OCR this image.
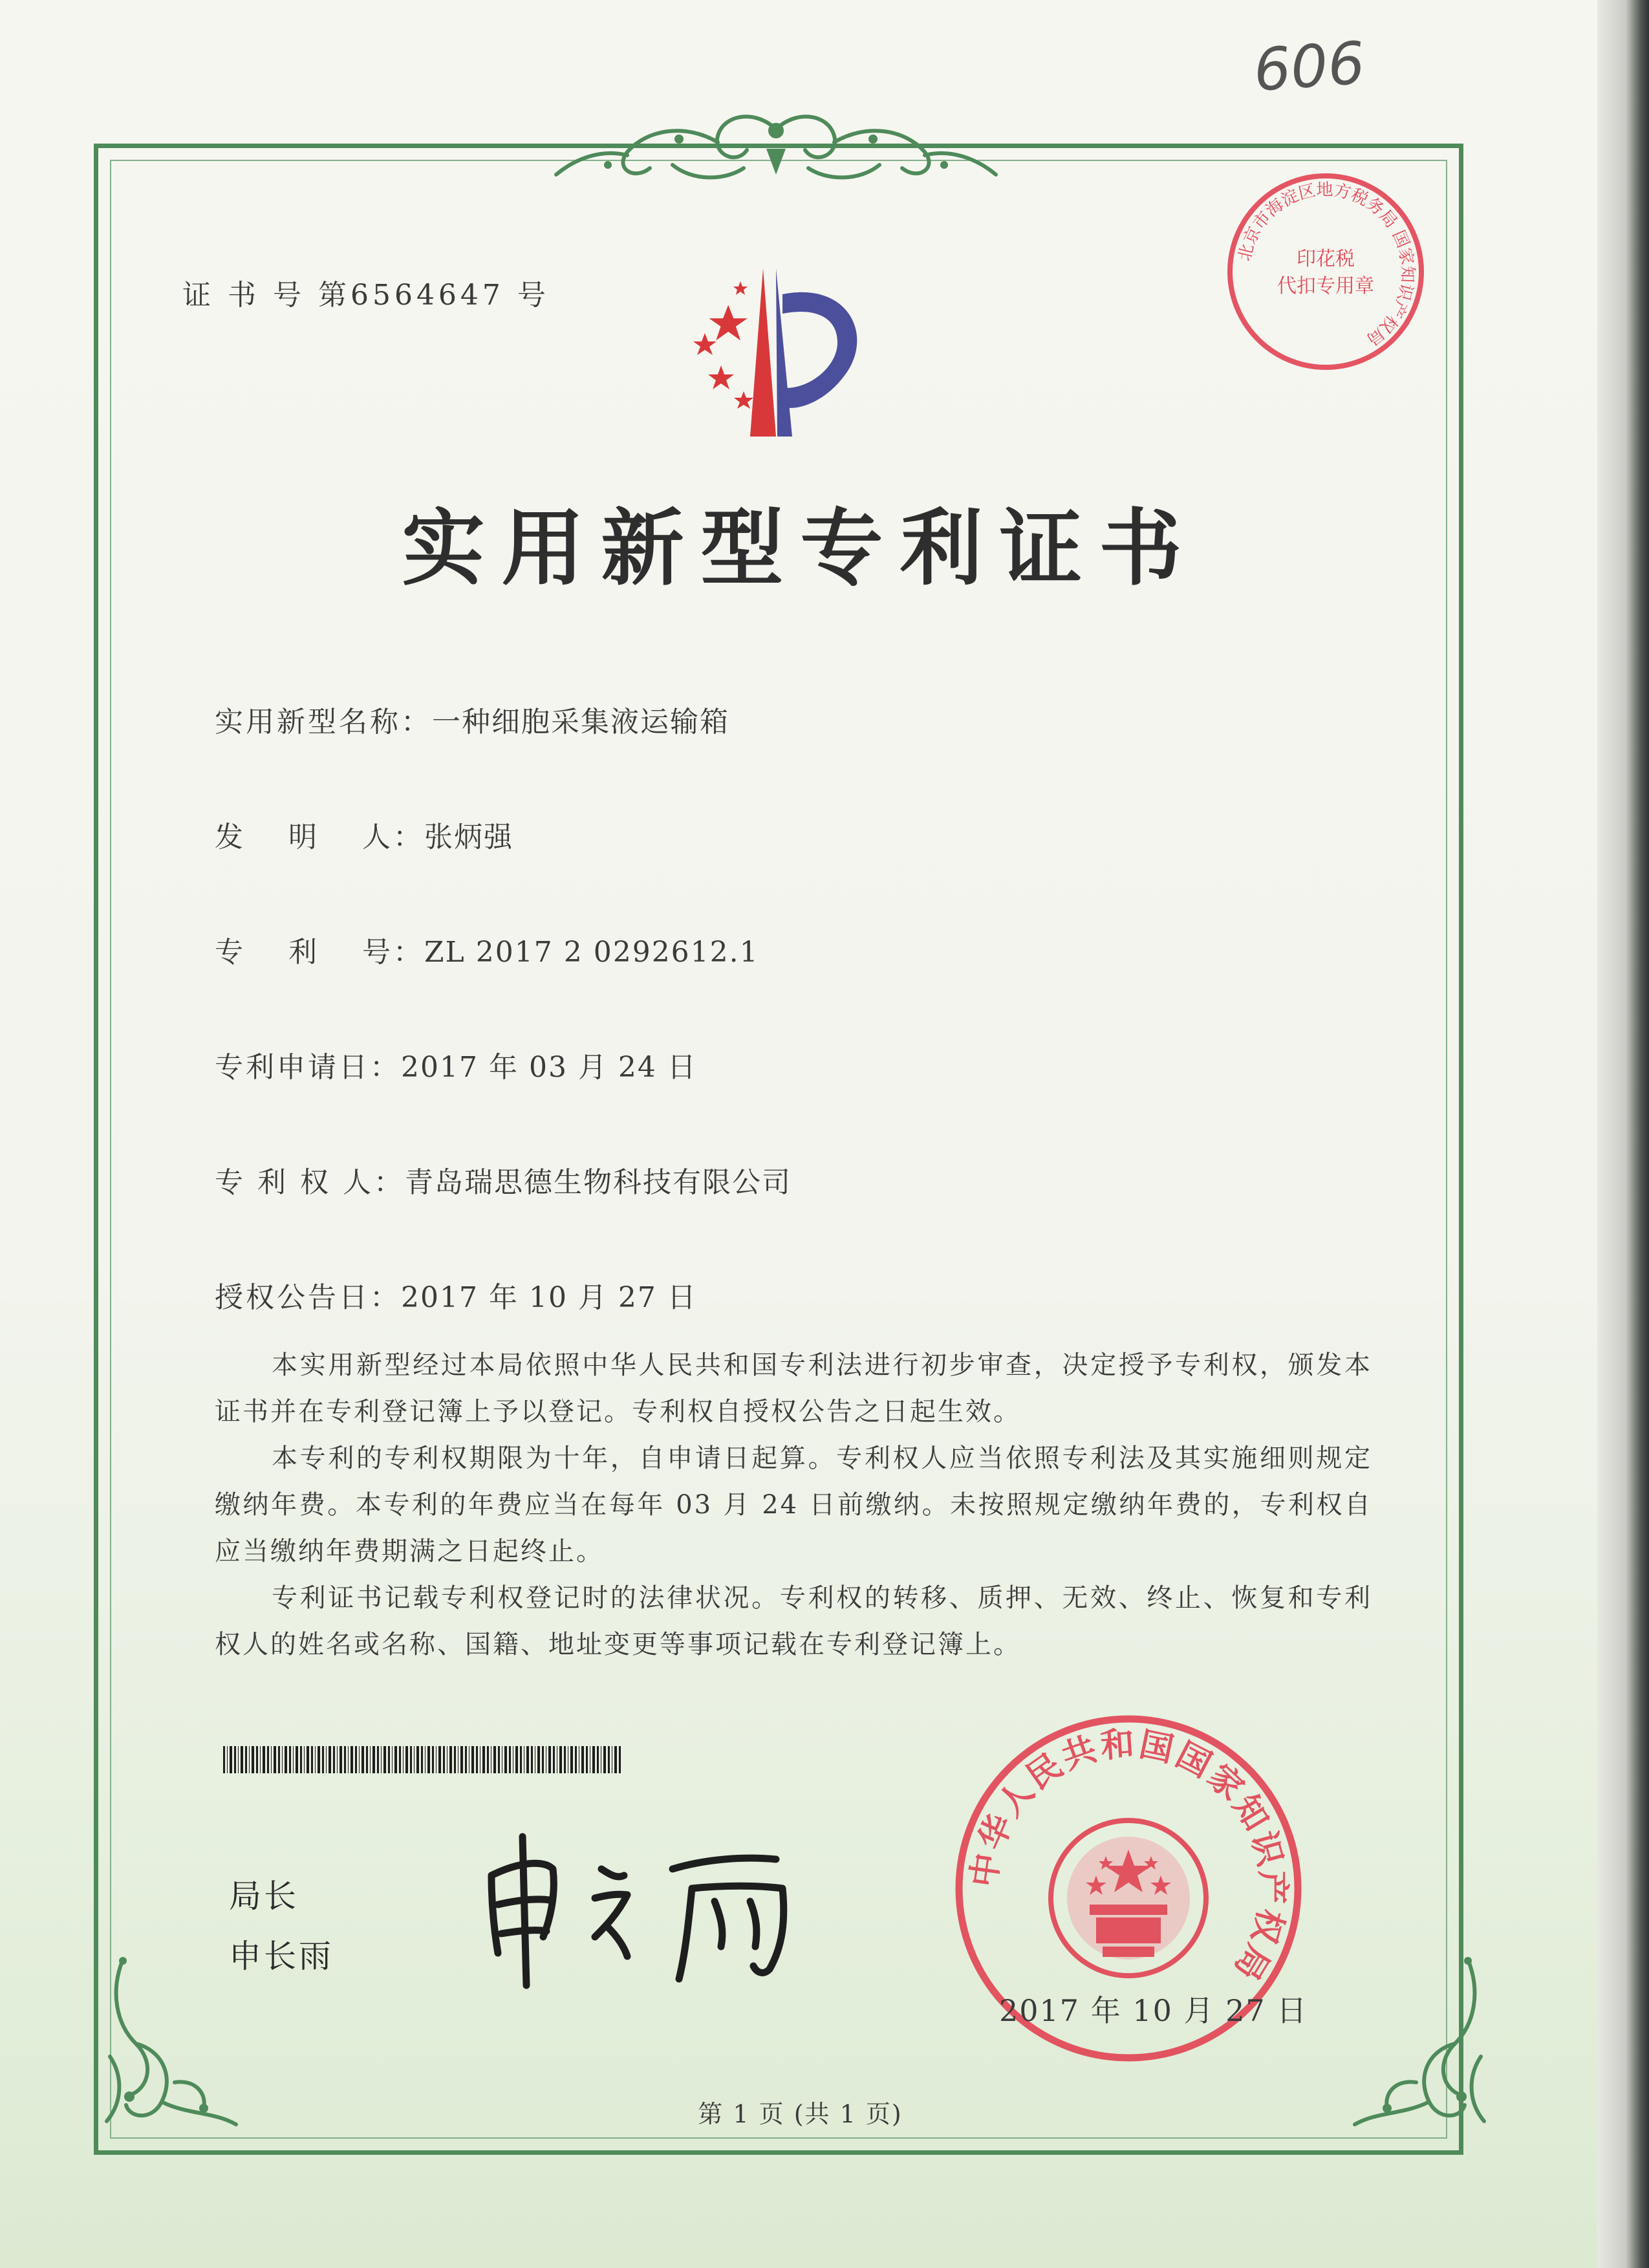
606
证 书 号 第6564647 号
北京市海淀区地方税务局 国家知识产权局
印花税
代扣专用章
实用新型专利证书
实用新型名称：一种细胞采集液运输箱
发　 明　 人：张炳强
专　 利　 号：ZL 2017 2 0292612.1
专利申请日：2017 年 03 月 24 日
专 利 权 人：青岛瑞思德生物科技有限公司
授权公告日：2017 年 10 月 27 日

本实用新型经过本局依照中华人民共和国专利法进行初步审查，决定授予专利权，颁发本证书并在专利登记簿上予以登记。专利权自授权公告之日起生效。

本专利的专利权期限为十年，自申请日起算。专利权人应当依照专利法及其实施细则规定缴纳年费。本专利的年费应当在每年 03 月 24 日前缴纳。未按照规定缴纳年费的，专利权自应当缴纳年费期满之日起终止。

专利证书记载专利权登记时的法律状况。专利权的转移、质押、无效、终止、恢复和专利权人的姓名或名称、国籍、地址变更等事项记载在专利登记簿上。

局长
申长雨
中华人民共和国国家知识产权局
2017 年 10 月 27 日
第 1 页 (共 1 页)
